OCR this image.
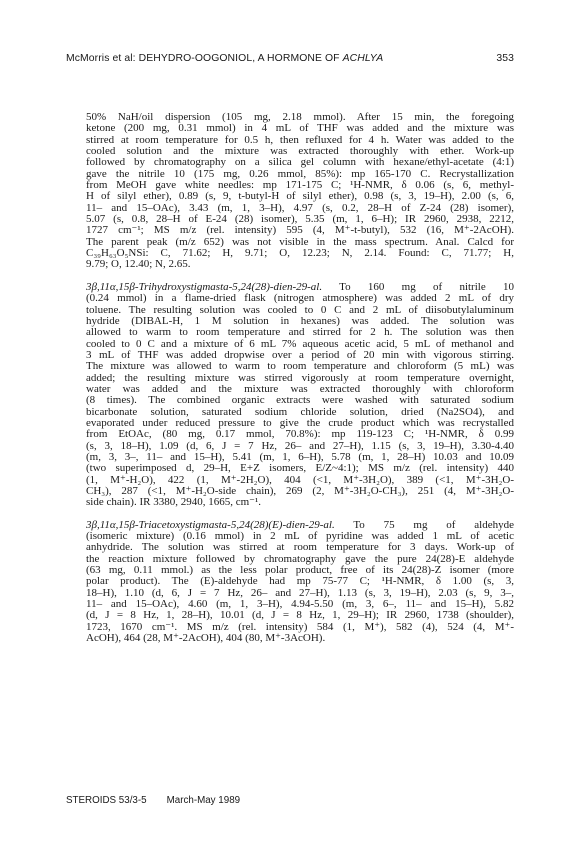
McMorris et al: DEHYDRO-OOGONIOL, A HORMONE OF ACHLYA	353
50% NaH/oil dispersion (105 mg, 2.18 mmol). After 15 min, the foregoing
ketone (200 mg, 0.31 mmol) in 4 mL of THF was added and the mixture was
stirred at room temperature for 0.5 h, then refluxed for 4 h. Water was added to the
cooled solution and the mixture was extracted thoroughly with ether. Work-up
followed by chromatography on a silica gel column with hexane/ethyl-acetate (4:1)
gave the nitrile 10 (175 mg, 0.26 mmol, 85%): mp 165-170 C. Recrystallization
from MeOH gave white needles: mp 171-175 C; ¹H-NMR, δ 0.06 (s, 6, methyl-
H of silyl ether), 0.89 (s, 9, t-butyl-H of silyl ether), 0.98 (s, 3, 19–H), 2.00 (s, 6,
11– and 15–OAc), 3.43 (m, 1, 3–H), 4.97 (s, 0.2, 28–H of Z-24 (28) isomer),
5.07 (s, 0.8, 28–H of E-24 (28) isomer), 5.35 (m, 1, 6–H); IR 2960, 2938, 2212,
1727 cm⁻¹; MS m/z (rel. intensity) 595 (4, M⁺-t-butyl), 532 (16, M⁺-2AcOH).
The parent peak (m/z 652) was not visible in the mass spectrum. Anal. Calcd for
C₃₉H₆₃O₅NSi: C, 71.62; H, 9.71; O, 12.23; N, 2.14. Found: C, 71.77; H,
9.79; O, 12.40; N, 2.65.
3β,11α,15β-Trihydroxystigmasta-5,24(28)-dien-29-al. To 160 mg of nitrile 10
(0.24 mmol) in a flame-dried flask (nitrogen atmosphere) was added 2 mL of dry
toluene. The resulting solution was cooled to 0 C and 2 mL of diisobutylaluminum
hydride (DIBAL-H, 1 M solution in hexanes) was added. The solution was
allowed to warm to room temperature and stirred for 2 h. The solution was then
cooled to 0 C and a mixture of 6 mL 7% aqueous acetic acid, 5 mL of methanol and
3 mL of THF was added dropwise over a period of 20 min with vigorous stirring.
The mixture was allowed to warm to room temperature and chloroform (5 mL) was
added; the resulting mixture was stirred vigorously at room temperature overnight,
water was added and the mixture was extracted thoroughly with chloroform
(8 times). The combined organic extracts were washed with saturated sodium
bicarbonate solution, saturated sodium chloride solution, dried (Na2SO4), and
evaporated under reduced pressure to give the crude product which was recrystalled
from EtOAc, (80 mg, 0.17 mmol, 70.8%): mp 119-123 C; ¹H-NMR, δ 0.99
(s, 3, 18–H), 1.09 (d, 6, J = 7 Hz, 26– and 27–H), 1.15 (s, 3, 19–H), 3.30-4.40
(m, 3, 3–, 11– and 15–H), 5.41 (m, 1, 6–H), 5.78 (m, 1, 28–H) 10.03 and 10.09
(two superimposed d, 29–H, E+Z isomers, E/Z~4:1); MS m/z (rel. intensity) 440
(1, M⁺-H₂O), 422 (1, M⁺-2H₂O), 404 (<1, M⁺-3H₂O), 389 (<1, M⁺-3H₂O-
CH₃), 287 (<1, M⁺-H₂O-side chain), 269 (2, M⁺-3H₂O-CH₃), 251 (4, M⁺-3H₂O-
side chain). IR 3380, 2940, 1665, cm⁻¹.
3β,11α,15β-Triacetoxystigmasta-5,24(28)(E)-dien-29-al. To 75 mg of aldehyde
(isomeric mixture) (0.16 mmol) in 2 mL of pyridine was added 1 mL of acetic
anhydride. The solution was stirred at room temperature for 3 days. Work-up of
the reaction mixture followed by chromatography gave the pure 24(28)-E aldehyde
(63 mg, 0.11 mmol.) as the less polar product, free of its 24(28)-Z isomer (more
polar product). The (E)-aldehyde had mp 75-77 C; ¹H-NMR, δ 1.00 (s, 3,
18–H), 1.10 (d, 6, J = 7 Hz, 26– and 27–H), 1.13 (s, 3, 19–H), 2.03 (s, 9, 3–,
11– and 15–OAc), 4.60 (m, 1, 3–H), 4.94-5.50 (m, 3, 6–, 11– and 15–H), 5.82
(d, J = 8 Hz, 1, 28–H), 10.01 (d, J = 8 Hz, 1, 29–H); IR 2960, 1738 (shoulder),
1723, 1670 cm⁻¹. MS m/z (rel. intensity) 584 (1, M⁺), 582 (4), 524 (4, M⁺-
AcOH), 464 (28, M⁺-2AcOH), 404 (80, M⁺-3AcOH).
STEROIDS 53/3-5 March-May 1989
